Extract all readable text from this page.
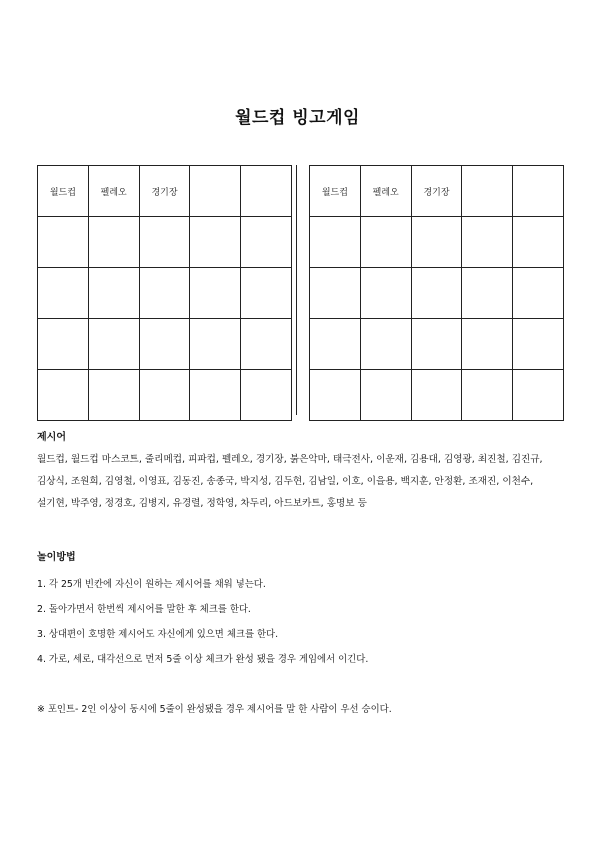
월드컵 빙고게임
월드컵	펠레오	경기장		

					월드컵	펠레오	경기장		

제시어
월드컵, 월드컵 마스코트, 줄리메컵, 피파컵, 펠레오, 경기장, 붉은악마, 태극전사, 이운재, 김용대, 김영광, 최진철, 김진규, 김상식, 조원희, 김영철, 이영표, 김동진, 송종국, 박지성, 김두현, 김남일, 이호, 이을용, 백지훈, 안정환, 조재진, 이천수, 설기현, 박주영, 정경호, 김병지, 유경렬, 정학영, 차두리, 아드보카트, 홍명보 등
놀이방법
1. 각 25개 빈칸에 자신이 원하는 제시어를 채워 넣는다.
2. 돌아가면서 한번씩 제시어를 말한 후 체크를 한다.
3. 상대편이 호명한 제시어도 자신에게 있으면 체크를 한다.
4. 가로, 세로, 대각선으로 먼저 5줄 이상 체크가 완성 됐을 경우 게임에서 이긴다.
※ 포인트- 2인 이상이 동시에 5줄이 완성됐을 경우 제시어를 말 한 사람이 우선 승이다.
